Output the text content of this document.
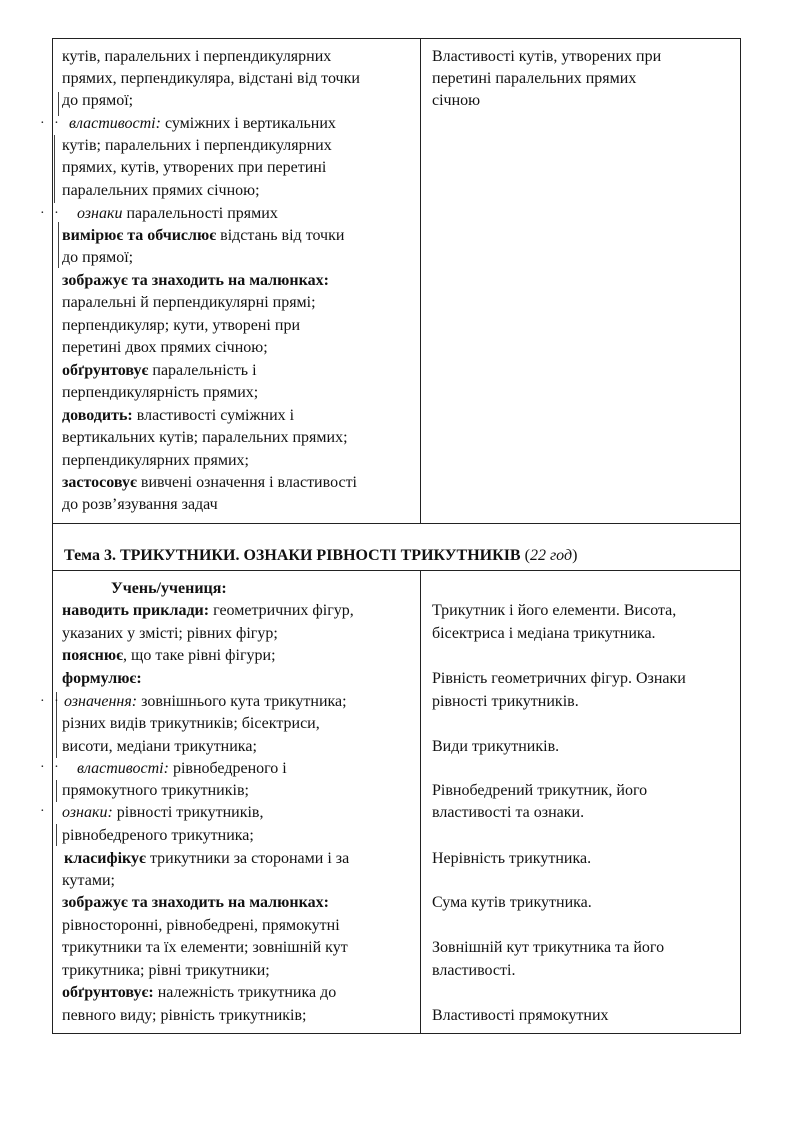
· ·
· ·
· ·
· ·
·
кутів, паралельних і перпендикулярних
прямих, перпендикуляра, відстані від точки
до прямої;
властивості: суміжних і вертикальних
кутів; паралельних і перпендикулярних
прямих, кутів, утворених при перетині
паралельних прямих січною;
ознаки паралельності прямих
вимірює та обчислює відстань від точки
до прямої;
зображує та знаходить на малюнках:
паралельні й перпендикулярні прямі;
перпендикуляр; кути, утворені при
перетині двох прямих січною;
обґрунтовує паралельність і
перпендикулярність прямих;
доводить: властивості суміжних і
вертикальних кутів; паралельних прямих;
перпендикулярних прямих;
застосовує вивчені означення і властивості
до розв’язування задач
Властивості кутів, утворених при
перетині паралельних прямих
січною
Тема 3. ТРИКУТНИКИ. ОЗНАКИ РІВНОСТІ ТРИКУТНИКІВ (22 год)
Учень/учениця:
наводить приклади: геометричних фігур,
указаних у змісті; рівних фігур;
пояснює, що таке рівні фігури;
формулює:
означення: зовнішнього кута трикутника;
різних видів трикутників; бісектриси,
висоти, медіани трикутника;
властивості: рівнобедреного і
прямокутного трикутників;
ознаки: рівності трикутників,
рівнобедреного трикутника;
класифікує трикутники за сторонами і за
кутами;
зображує та знаходить на малюнках:
рівносторонні, рівнобедрені, прямокутні
трикутники та їх елементи; зовнішній кут
трикутника; рівні трикутники;
обґрунтовує: належність трикутника до
певного виду; рівність трикутників;
Трикутник і його елементи. Висота,
бісектриса і медіана трикутника.
Рівність геометричних фігур. Ознаки
рівності трикутників.
Види трикутників.
Рівнобедрений трикутник, його
властивості та ознаки.
Нерівність трикутника.
Сума кутів трикутника.
Зовнішній кут трикутника та його
властивості.
Властивості прямокутних
